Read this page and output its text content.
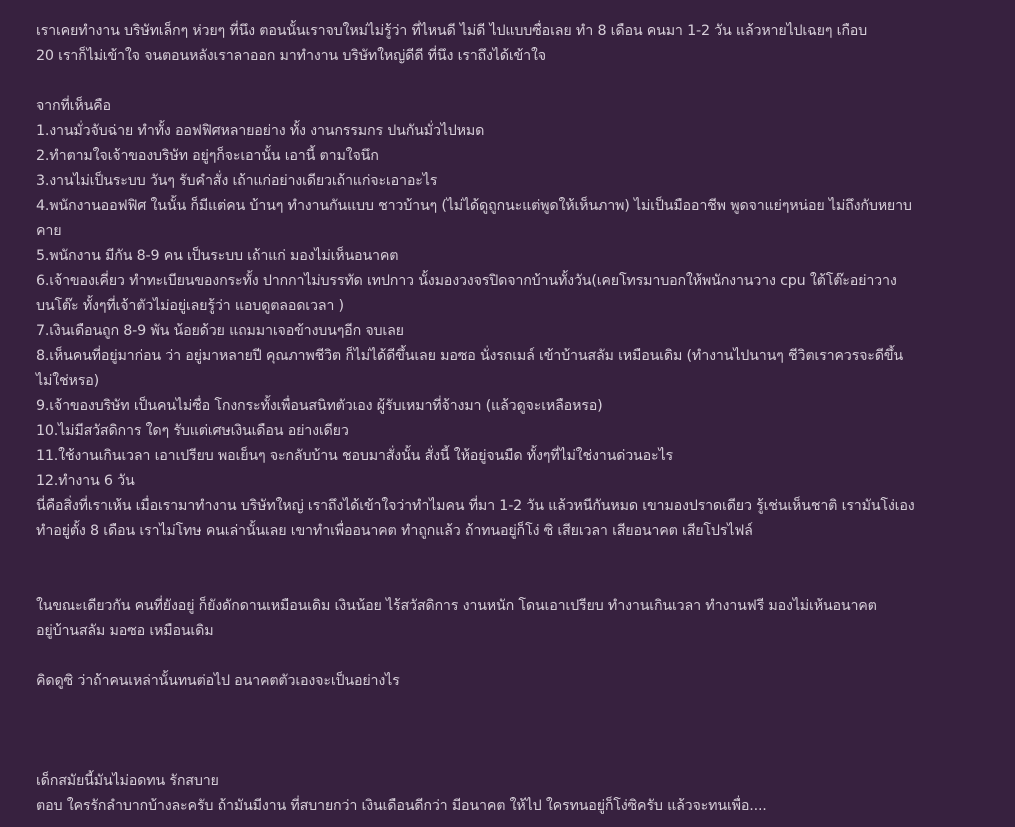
เราเคยทำงาน บริษัทเล็กๆ ห่วยๆ ที่นึง ตอนนั้นเราจบใหม่ไม่รู้ว่า ที่ไหนดี ไม่ดี ไปแบบซื่อเลย ทำ 8 เดือน คนมา 1-2 วัน แล้วหายไปเฉยๆ เกือบ
20 เราก็ไม่เข้าใจ จนตอนหลังเราลาออก มาทำงาน บริษัทใหญ่ดีดี ที่นึง เราถึงได้เข้าใจ
จากที่เห็นคือ
1.งานมั่วจับฉ่าย ทำทั้ง ออฟฟิศหลายอย่าง ทั้ง งานกรรมกร ปนกันมั่วไปหมด
2.ทำตามใจเจ้าของบริษัท อยู่ๆก็จะเอานั้น เอานี้ ตามใจนึก
3.งานไม่เป็นระบบ วันๆ รับคำสั่ง เถ้าแก่อย่างเดียวเถ้าแก่จะเอาอะไร
4.พนักงานออฟฟิศ ในนั้น ก็มีแต่คน บ้านๆ ทำงานกันแบบ ชาวบ้านๆ (ไม่ได้ดูถูกนะแต่พูดให้เห็นภาพ) ไม่เป็นมืออาชีพ พูดจาแย่ๆหน่อย ไม่ถึงกับหยาบ
คาย
5.พนักงาน มีกัน 8-9 คน เป็นระบบ เถ้าแก่ มองไม่เห็นอนาคต
6.เจ้าของเคี่ยว ทำทะเบียนของกระทั้ง ปากกาไม่บรรทัด เทปกาว นั้งมองวงจรปิดจากบ้านทั้งวัน(เคยโทรมาบอกให้พนักงานวาง cpu ใต้โต๊ะอย่าวาง
บนโต๊ะ ทั้งๆที่เจ้าตัวไม่อยู่เลยรู้ว่า แอบดูตลอดเวลา )
7.เงินเดือนถูก 8-9 พัน น้อยด้วย แถมมาเจอข้างบนๆอีก จบเลย
8.เห็นคนที่อยู่มาก่อน ว่า อยู่มาหลายปี คุณภาพชีวิต ก็ไม่ได้ดีขึ้นเลย มอซอ นั่งรถเมล์ เข้าบ้านสลัม เหมือนเดิม (ทำงานไปนานๆ ชีวิตเราควรจะดีขึ้น
ไม่ใช่หรอ)
9.เจ้าของบริษัท เป็นคนไม่ซื่อ โกงกระทั้งเพื่อนสนิทตัวเอง ผู้รับเหมาที่จ้างมา (แล้วดูจะเหลือหรอ)
10.ไม่มีสวัสดิการ ใดๆ รับแต่เศษเงินเดือน อย่างเดียว
11.ใช้งานเกินเวลา เอาเปรียบ พอเย็นๆ จะกลับบ้าน ชอบมาสั่งนั้น สั่งนี้ ให้อยู่จนมืด ทั้งๆที่ไม่ใช่งานด่วนอะไร
12.ทำงาน 6 วัน
นี่คือสิ่งที่เราเห้น เมื่อเรามาทำงาน บริษัทใหญ่ เราถึงได้เข้าใจว่าทำไมคน ที่มา 1-2 วัน แล้วหนีกันหมด เขามองปราดเดียว รู้เช่นเห็นชาติ เรามันโง่เอง
ทำอยู่ตั้ง 8 เดือน เราไม่โทษ คนเล่านั้นเลย เขาทำเพื่ออนาคต ทำถูกแล้ว ถ้าทนอยู่ก็โง่ ซิ เสียเวลา เสียอนาคต เสียโปรไฟล์
ในขณะเดียวกัน คนที่ยังอยู่ ก็ยังดักดานเหมือนเดิม เงินน้อย ไร้สวัสดิการ งานหนัก โดนเอาเปรียบ ทำงานเกินเวลา ทำงานฟรี มองไม่เห้นอนาคต
อยู่บ้านสลัม มอซอ เหมือนเดิม
คิดดูซิ ว่าถ้าคนเหล่านั้นทนต่อไป อนาคตตัวเองจะเป็นอย่างไร
เด็กสมัยนี้มันไม่อดทน รักสบาย
ตอบ ใครรักลำบากบ้างละครับ ถ้ามันมีงาน ที่สบายกว่า เงินเดือนดีกว่า มีอนาคต ให้ไป ใครทนอยู่ก็โง่ซิครับ แล้วจะทนเพื่อ....
